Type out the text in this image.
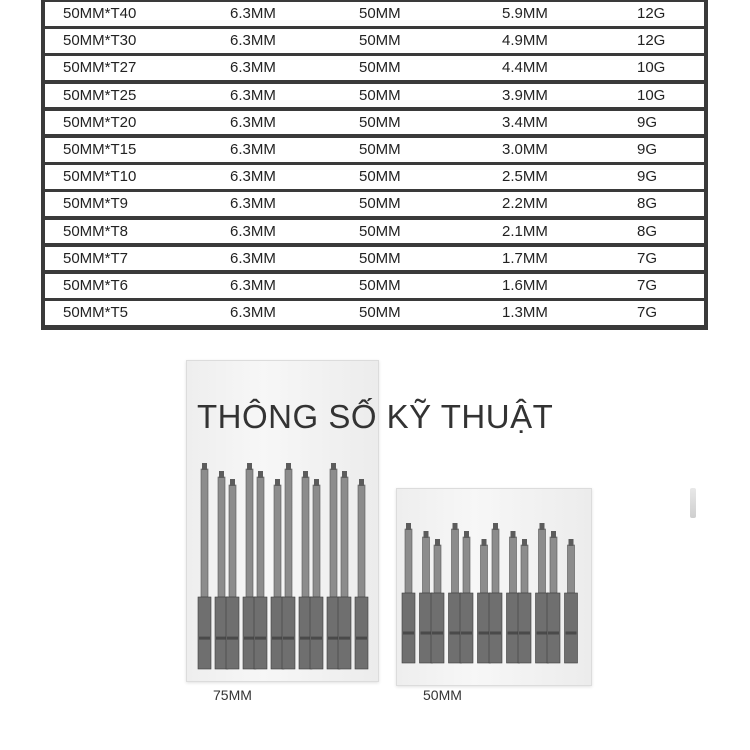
50MM*T40	6.3MM	50MM	5.9MM	12G
50MM*T30	6.3MM	50MM	4.9MM	12G
50MM*T27	6.3MM	50MM	4.4MM	10G
50MM*T25	6.3MM	50MM	3.9MM	10G
50MM*T20	6.3MM	50MM	3.4MM	9G
50MM*T15	6.3MM	50MM	3.0MM	9G
50MM*T10	6.3MM	50MM	2.5MM	9G
50MM*T9	6.3MM	50MM	2.2MM	8G
50MM*T8	6.3MM	50MM	2.1MM	8G
50MM*T7	6.3MM	50MM	1.7MM	7G
50MM*T6	6.3MM	50MM	1.6MM	7G
50MM*T5	6.3MM	50MM	1.3MM	7G
THÔNG SỐ KỸ THUẬT
75MM	50MM
